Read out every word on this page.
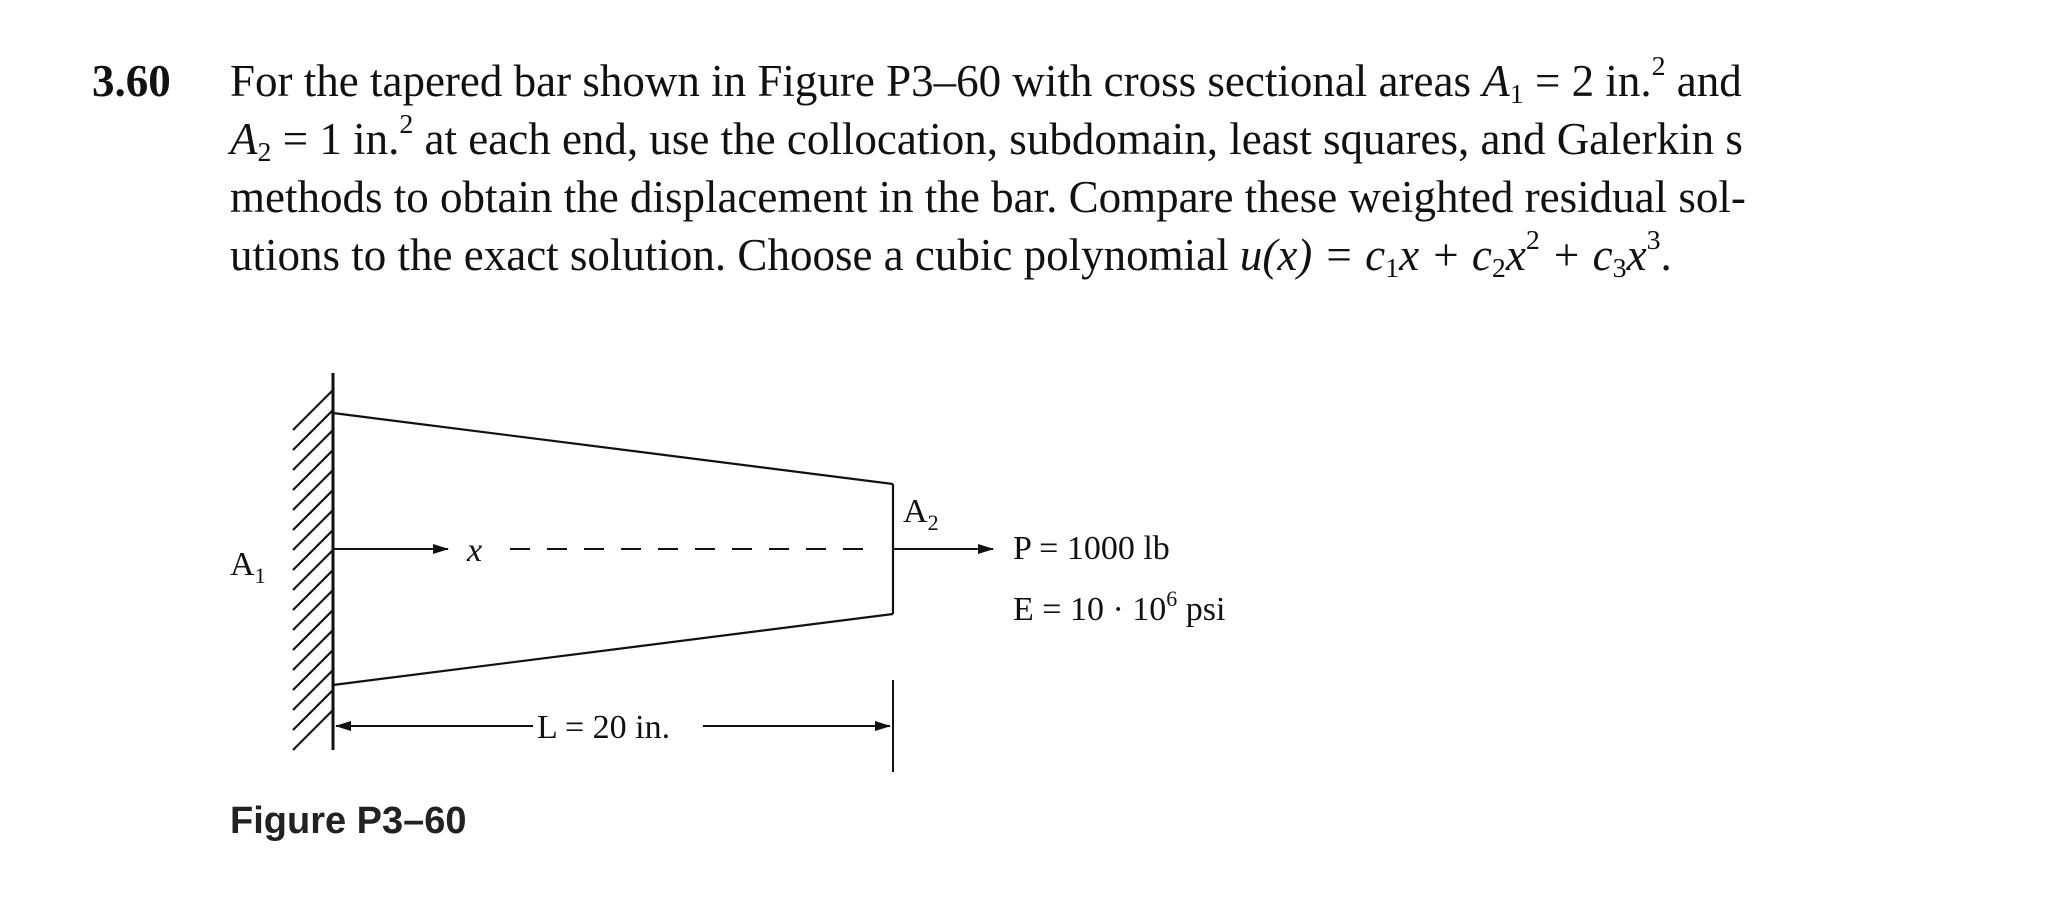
3.60 For the tapered bar shown in Figure P3–60 with cross sectional areas $A_1 = 2$ in.$^2$ and
$A_2 = 1$ in.$^2$ at each end, use the collocation, subdomain, least squares, and Galerkin s
methods to obtain the displacement in the bar. Compare these weighted residual sol-
utions to the exact solution. Choose a cubic polynomial $u(x) = c_1x + c_2x^2 + c_3x^3$.
$A_1$
$A_2$
x	P = 1000 lb
$E = 10 \cdot 10^6$ psi
L = 20 in.
Figure P3–60
